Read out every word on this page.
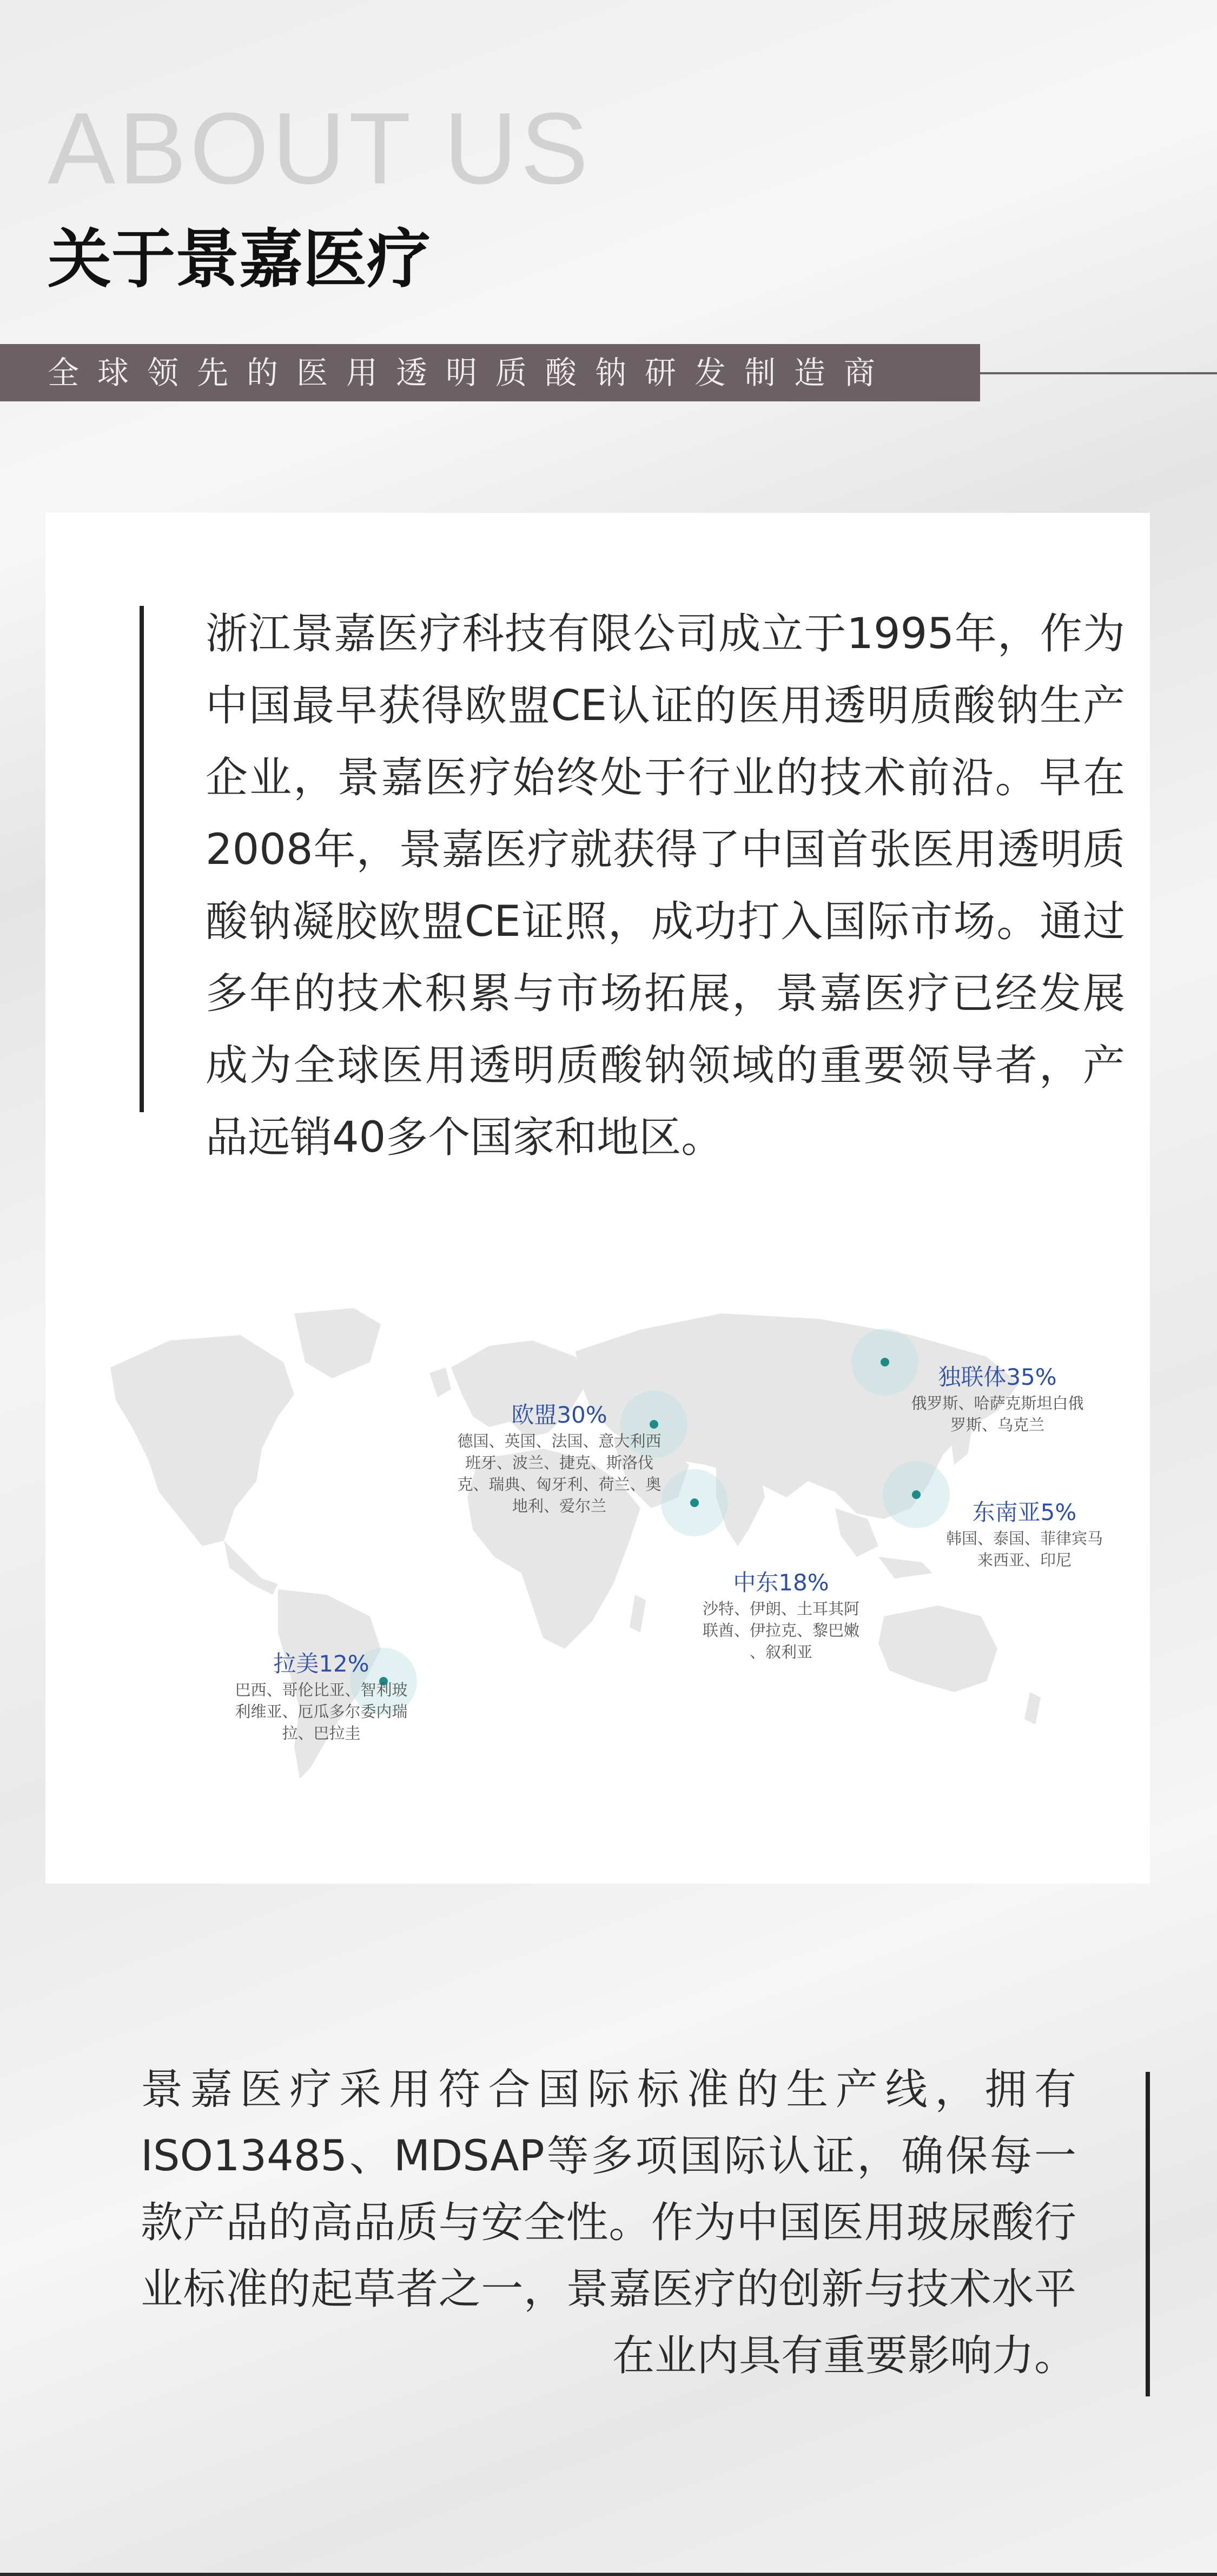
ABOUT US
关于景嘉医疗
全球领先的医用透明质酸钠研发制造商

浙江景嘉医疗科技有限公司成立于1995年，作为中国最早获得欧盟CE认证的医用透明质酸钠生产企业，景嘉医疗始终处于行业的技术前沿。早在2008年，景嘉医疗就获得了中国首张医用透明质酸钠凝胶欧盟CE证照，成功打入国际市场。通过多年的技术积累与市场拓展，景嘉医疗已经发展成为全球医用透明质酸钠领域的重要领导者，产品远销40多个国家和地区。

欧盟30%
德国、英国、法国、意大利西班牙、波兰、捷克、斯洛伐克、瑞典、匈牙利、荷兰、奥地利、爱尔兰
独联体35%
俄罗斯、哈萨克斯坦白俄罗斯、乌克兰
东南亚5%
韩国、泰国、菲律宾马来西亚、印尼
中东18%
沙特、伊朗、土耳其阿联酋、伊拉克、黎巴嫩 、叙利亚
拉美12%
巴西、哥伦比亚、智利玻利维亚、厄瓜多尔委内瑞拉、巴拉圭

景嘉医疗采用符合国际标准的生产线，拥有ISO13485、MDSAP等多项国际认证，确保每一款产品的高品质与安全性。作为中国医用玻尿酸行业标准的起草者之一，景嘉医疗的创新与技术水平在业内具有重要影响力。
